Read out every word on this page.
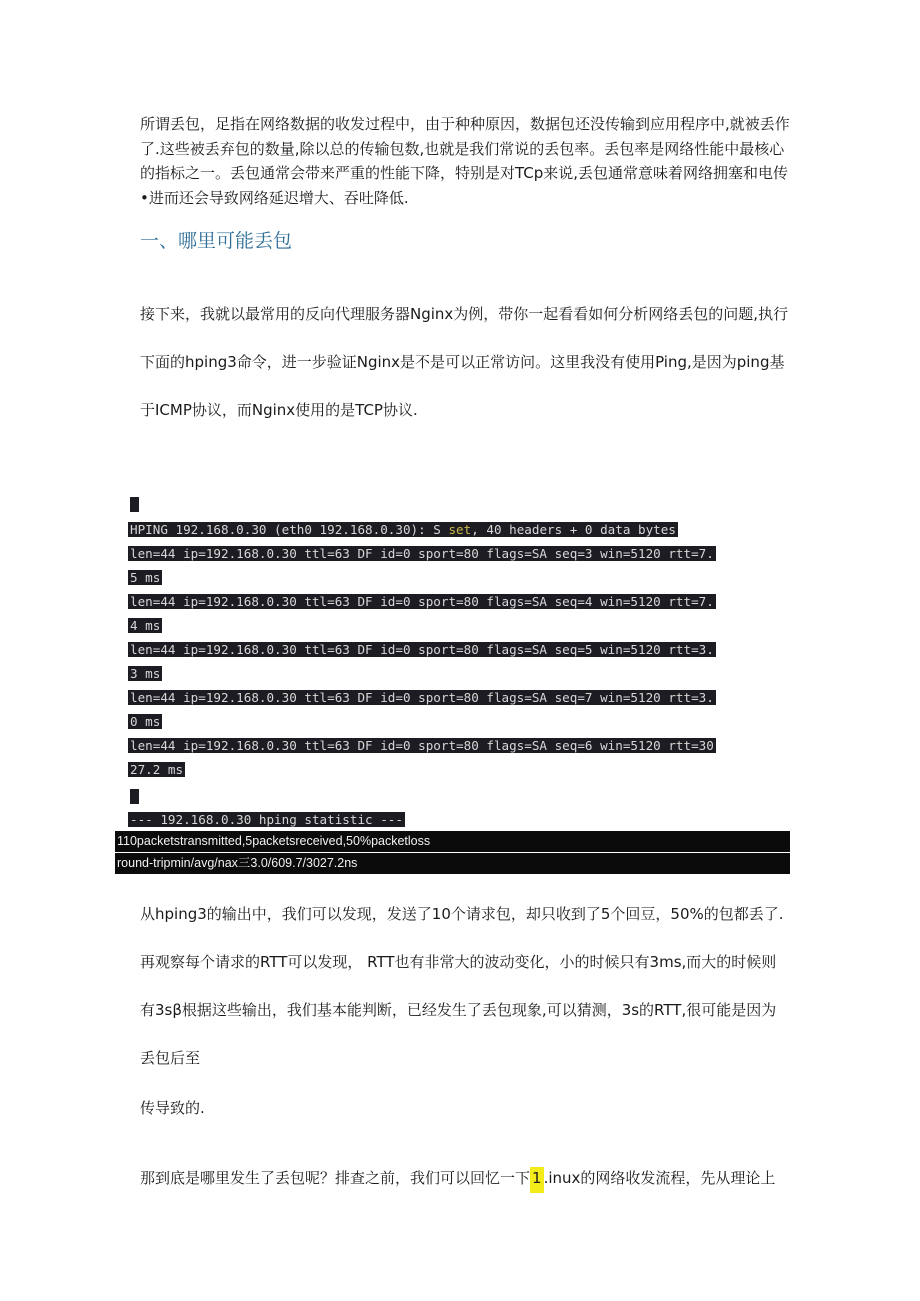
所谓丢包，足指在网络数据的收发过程中，由于种种原因，数据包还没传输到应用程序中,就被丢作了.这些被丢弃包的数量,除以总的传输包数,也就是我们常说的丢包率。丢包率是网络性能中最核心的指标之一。丢包通常会带来严重的性能下降，特别是对TCp来说,丢包通常意味着网络拥塞和电传•进而还会导致网络延迟增大、吞吐降低.

一、哪里可能丢包

接下来，我就以最常用的反向代理服务器Nginx为例，带你一起看看如何分析网络丢包的问题,执行下面的hping3命令，进一步验证Nginx是不是可以正常访问。这里我没有使用Ping,是因为ping基于ICMP协议，而Nginx使用的是TCP协议.

HPING 192.168.0.30 (eth0 192.168.0.30): S set, 40 headers + 0 data bytes
len=44 ip=192.168.0.30 ttl=63 DF id=0 sport=80 flags=SA seq=3 win=5120 rtt=7.
5 ms
len=44 ip=192.168.0.30 ttl=63 DF id=0 sport=80 flags=SA seq=4 win=5120 rtt=7.
4 ms
len=44 ip=192.168.0.30 ttl=63 DF id=0 sport=80 flags=SA seq=5 win=5120 rtt=3.
3 ms
len=44 ip=192.168.0.30 ttl=63 DF id=0 sport=80 flags=SA seq=7 win=5120 rtt=3.
0 ms
len=44 ip=192.168.0.30 ttl=63 DF id=0 sport=80 flags=SA seq=6 win=5120 rtt=30
27.2 ms
--- 192.168.0.30 hping statistic ---
110packetstransmitted,5packetsreceived,50%packetloss
round-tripmin/avg/nax三3.0/609.7/3027.2ns

从hping3的输出中，我们可以发现，发送了10个请求包，却只收到了5个回豆，50%的包都丢了.再观察每个请求的RTT可以发现， RTT也有非常大的波动变化，小的时候只有3ms,而大的时候则有3sβ根据这些输出，我们基本能判断，已经发生了丢包现象,可以猜测，3s的RTT,很可能是因为丢包后至

传导致的.

那到底是哪里发生了丢包呢？排查之前，我们可以回忆一下 1 .inux的网络收发流程，先从理论上
